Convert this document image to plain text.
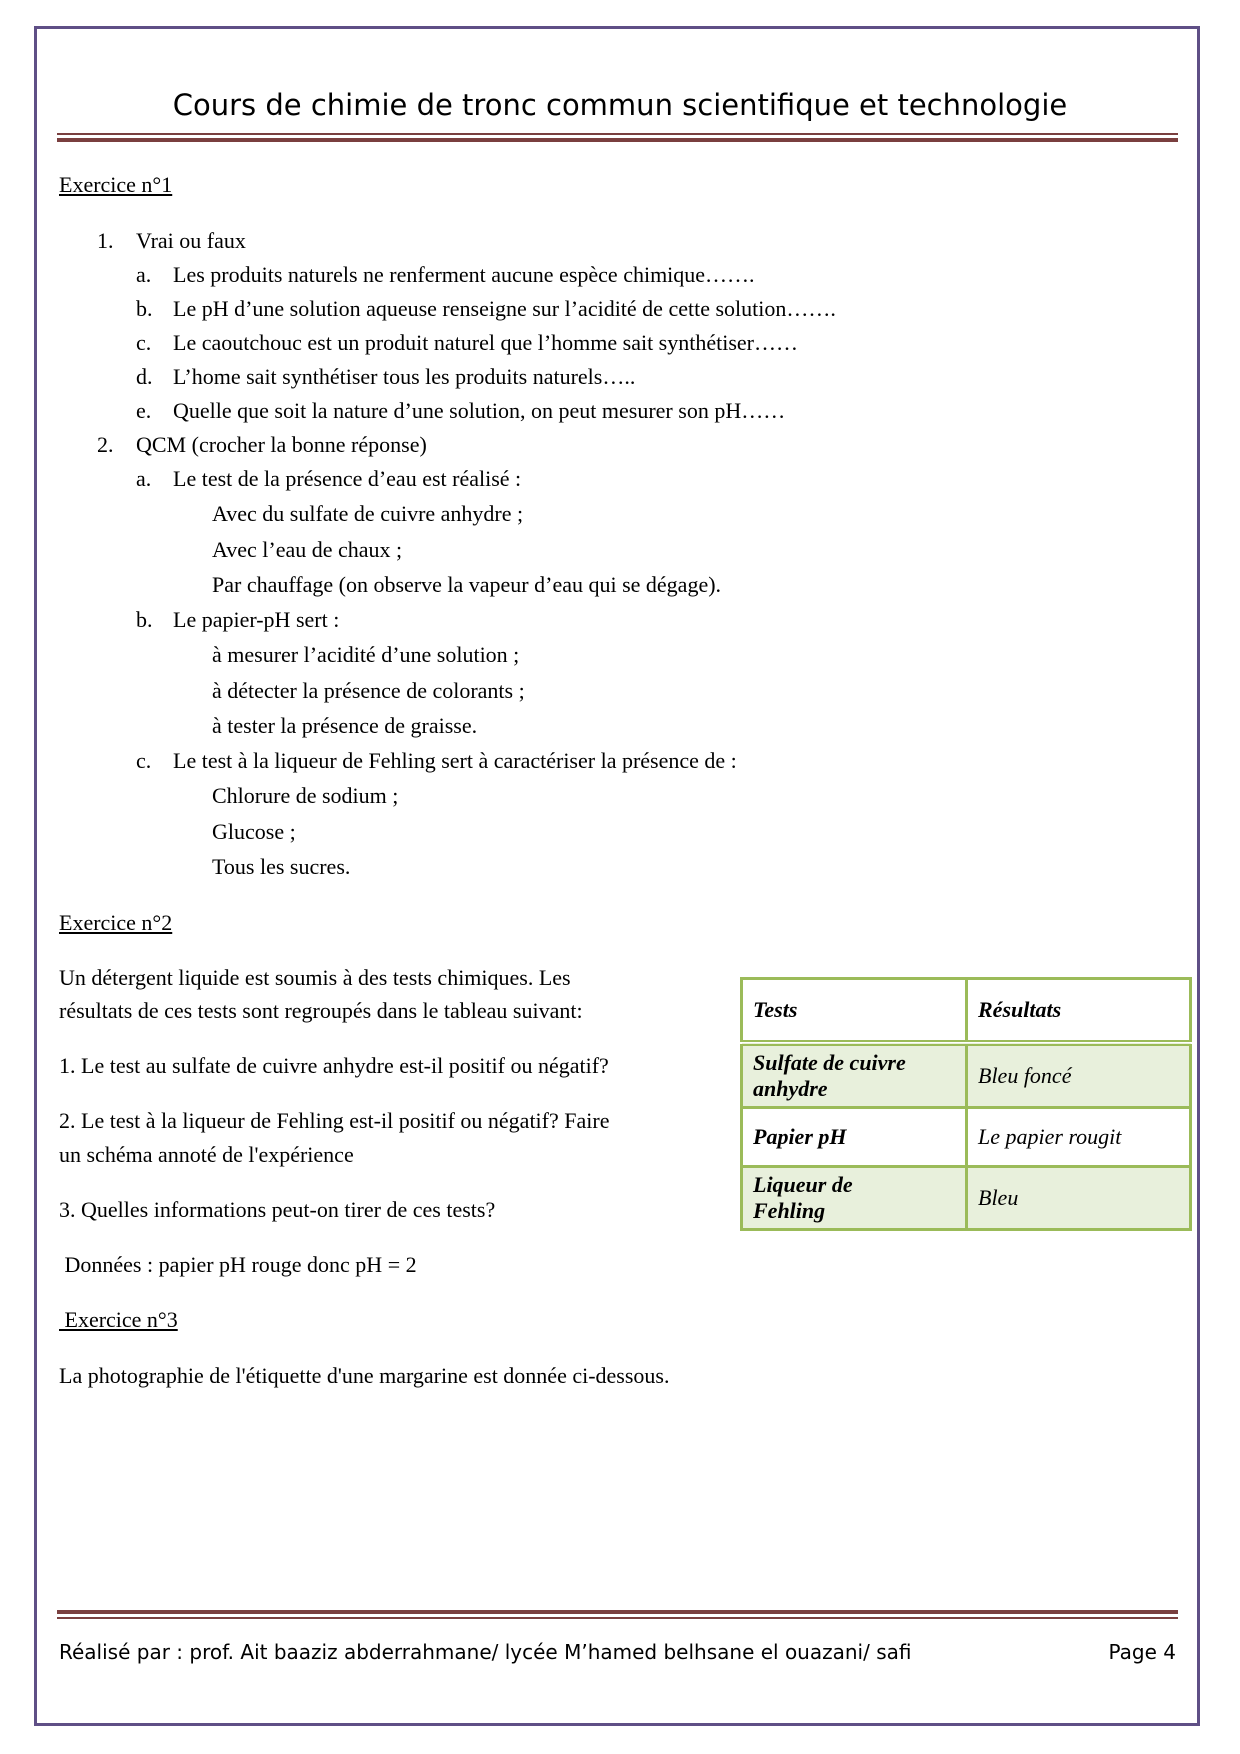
Cours de chimie de tronc commun scientifique et technologie
Exercice n°1
1. Vrai ou faux
a. Les produits naturels ne renferment aucune espèce chimique…….
b. Le pH d’une solution aqueuse renseigne sur l’acidité de cette solution…….
c. Le caoutchouc est un produit naturel que l’homme sait synthétiser……
d. L’home sait synthétiser tous les produits naturels…..
e. Quelle que soit la nature d’une solution, on peut mesurer son pH……
2. QCM (crocher la bonne réponse)
a. Le test de la présence d’eau est réalisé :
Avec du sulfate de cuivre anhydre ;
Avec l’eau de chaux ;
Par chauffage (on observe la vapeur d’eau qui se dégage).
b. Le papier-pH sert :
à mesurer l’acidité d’une solution ;
à détecter la présence de colorants ;
à tester la présence de graisse.
c. Le test à la liqueur de Fehling sert à caractériser la présence de :
Chlorure de sodium ;
Glucose ;
Tous les sucres.
Exercice n°2
Un détergent liquide est soumis à des tests chimiques. Les
résultats de ces tests sont regroupés dans le tableau suivant:
1. Le test au sulfate de cuivre anhydre est-il positif ou négatif?
2. Le test à la liqueur de Fehling est-il positif ou négatif? Faire
un schéma annoté de l'expérience
3. Quelles informations peut-on tirer de ces tests?
Données : papier pH rouge donc pH = 2
Tests	Résultats
Sulfate de cuivre
anhydre	Bleu foncé
Papier pH	Le papier rougit
Liqueur de
Fehling	Bleu
Exercice n°3
La photographie de l'étiquette d'une margarine est donnée ci-dessous.
Réalisé par : prof. Ait baaziz abderrahmane/ lycée M’hamed belhsane el ouazani/ safi	Page 4
